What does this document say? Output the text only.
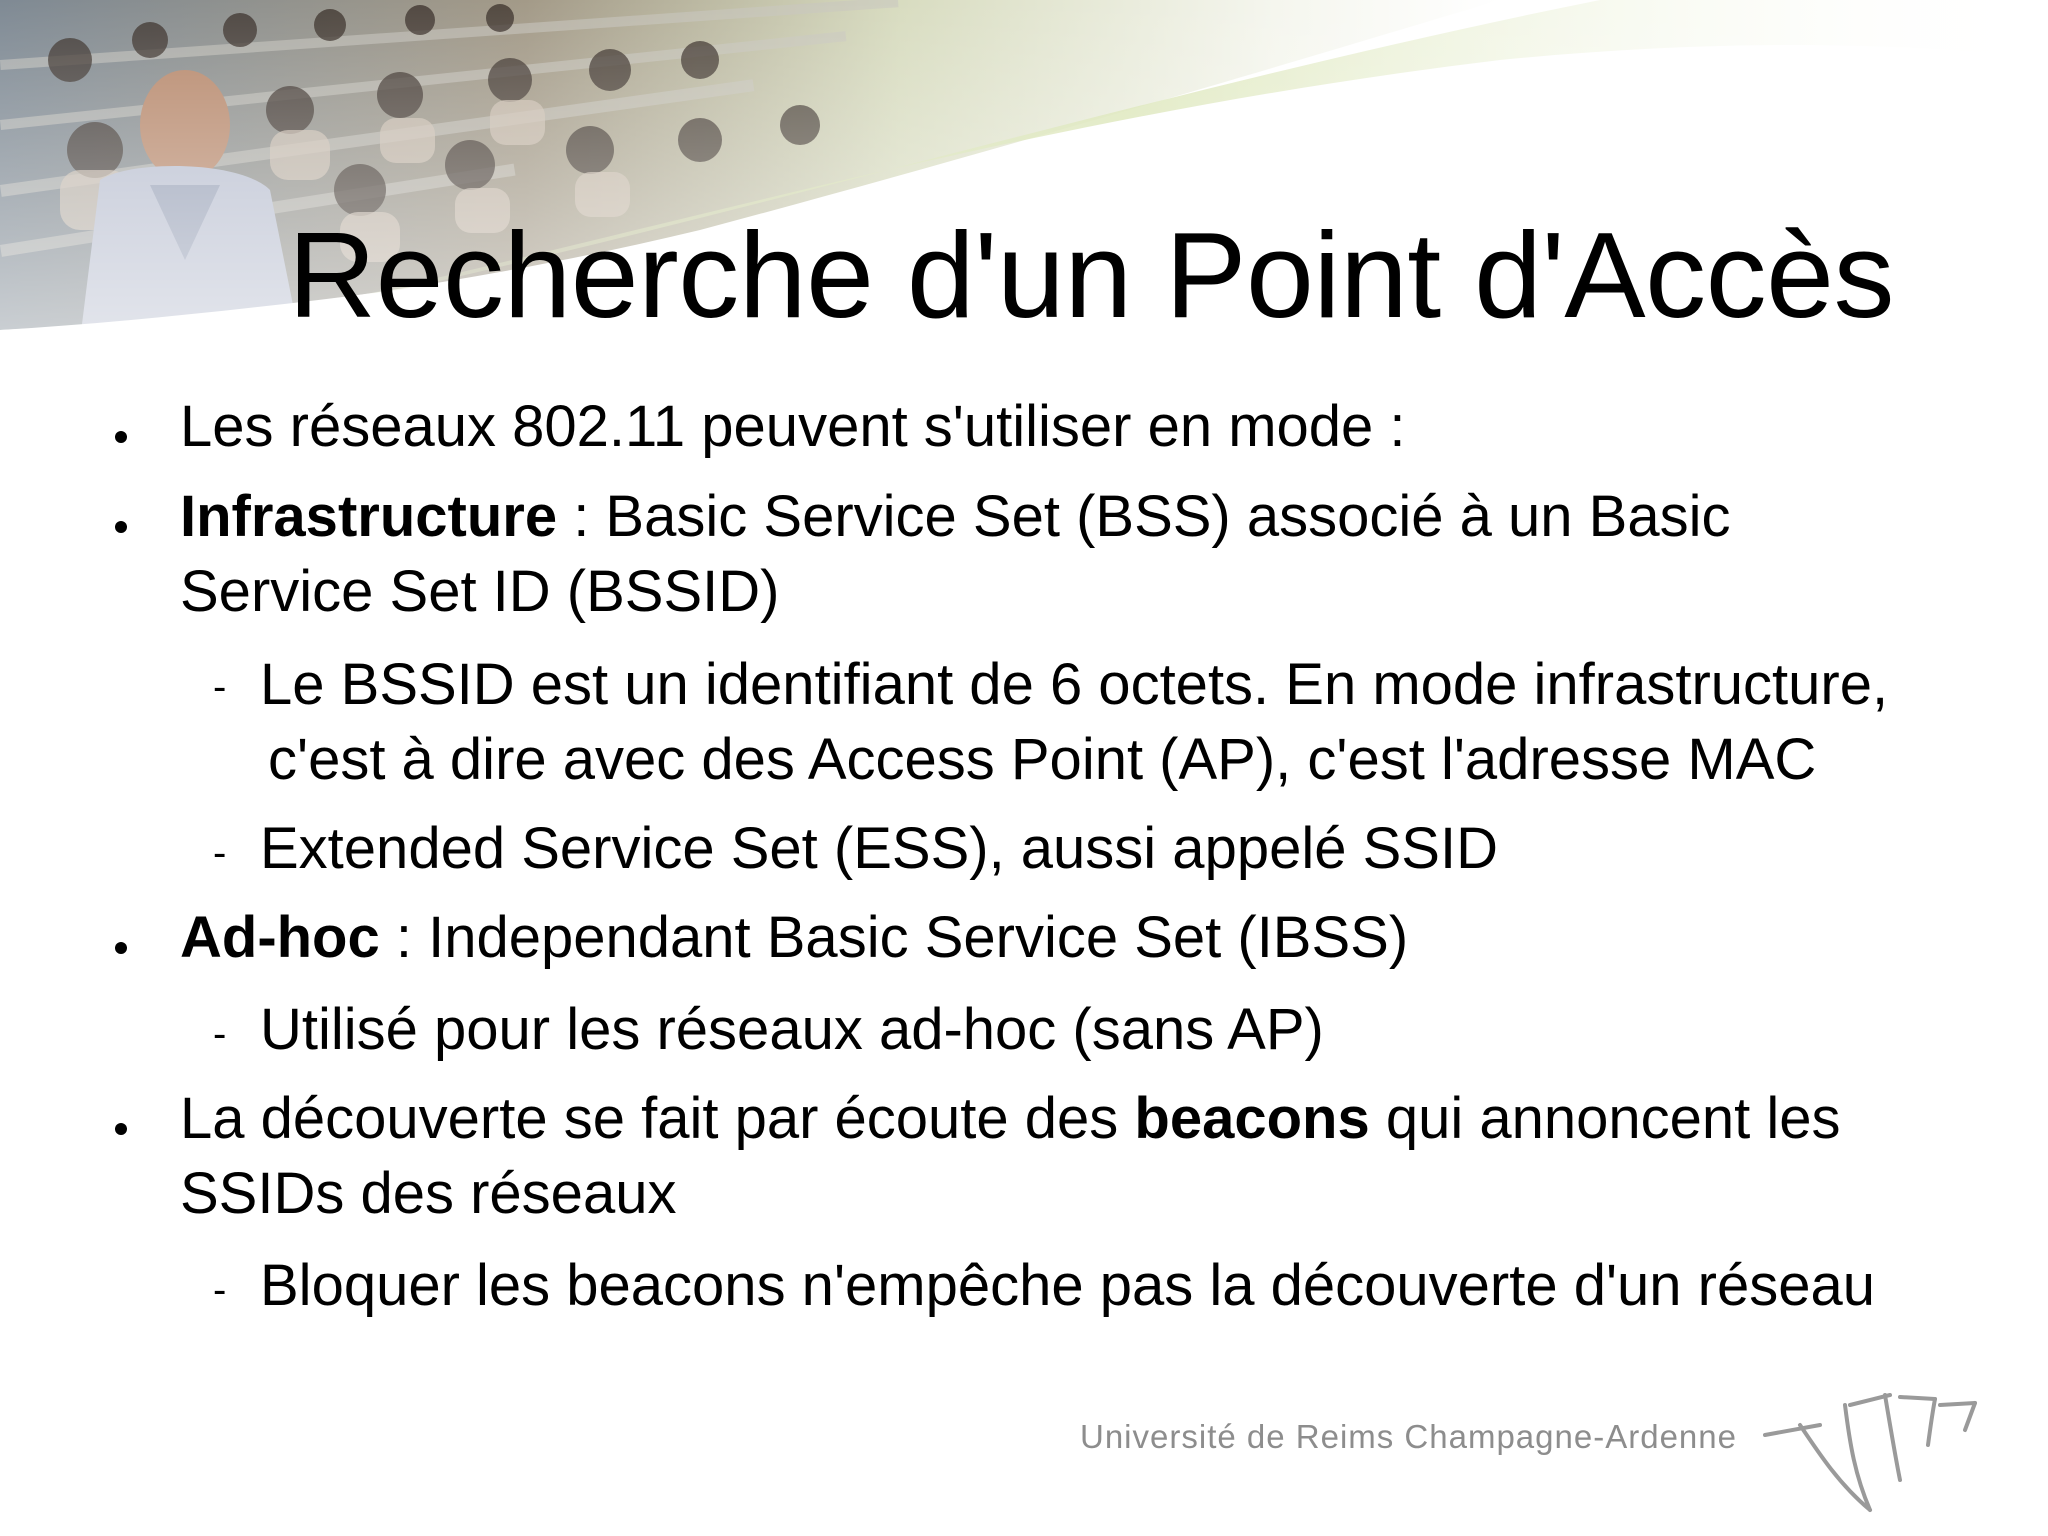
Recherche d'un Point d'Accès
Les réseaux 802.11 peuvent s'utiliser en mode :
Infrastructure : Basic Service Set (BSS) associé à un Basic
Service Set ID (BSSID)
- Le BSSID est un identifiant de 6 octets. En mode infrastructure,
c'est à dire avec des Access Point (AP), c'est l'adresse MAC
- Extended Service Set (ESS), aussi appelé SSID
Ad-hoc : Independant Basic Service Set (IBSS)
- Utilisé pour les réseaux ad-hoc (sans AP)
La découverte se fait par écoute des beacons qui annoncent les
SSIDs des réseaux
- Bloquer les beacons n'empêche pas la découverte d'un réseau
Université de Reims Champagne-Ardenne
